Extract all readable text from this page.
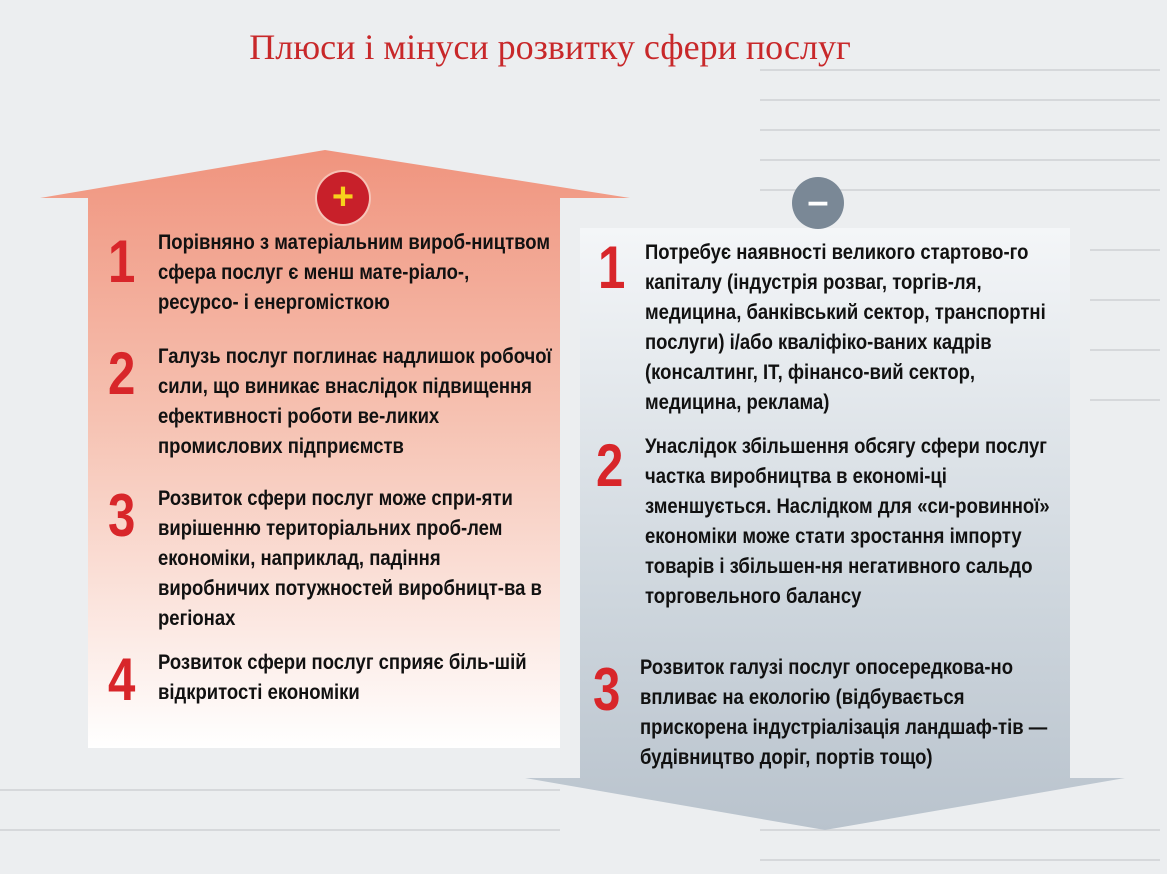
Плюси і мінуси розвитку сфери послуг
+	–
1 Порівняно з матеріальним вироб-ництвом сфера послуг є менш мате-ріало-, ресурсо- і енергомісткою
2 Галузь послуг поглинає надлишок робочої сили, що виникає внаслідок підвищення ефективності роботи ве-ликих промислових підприємств
3 Розвиток сфери послуг може спри-яти вирішенню територіальних проб-лем економіки, наприклад, падіння виробничих потужностей виробницт-ва в регіонах
4 Розвиток сфери послуг сприяє біль-шій відкритості економіки
1 Потребує наявності великого стартово-го капіталу (індустрія розваг, торгів-ля, медицина, банківський сектор, транспортні послуги) і/або кваліфіко-ваних кадрів (консалтинг, ІТ, фінансо-вий сектор, медицина, реклама)
2 Унаслідок збільшення обсягу сфери послуг частка виробництва в економі-ці зменшується. Наслідком для «си-ровинної» економіки може стати зростання імпорту товарів і збільшен-ня негативного сальдо торговельного балансу
3 Розвиток галузі послуг опосередкова-но впливає на екологію (відбувається прискорена індустріалізація ландшаф-тів — будівництво доріг, портів тощо)
